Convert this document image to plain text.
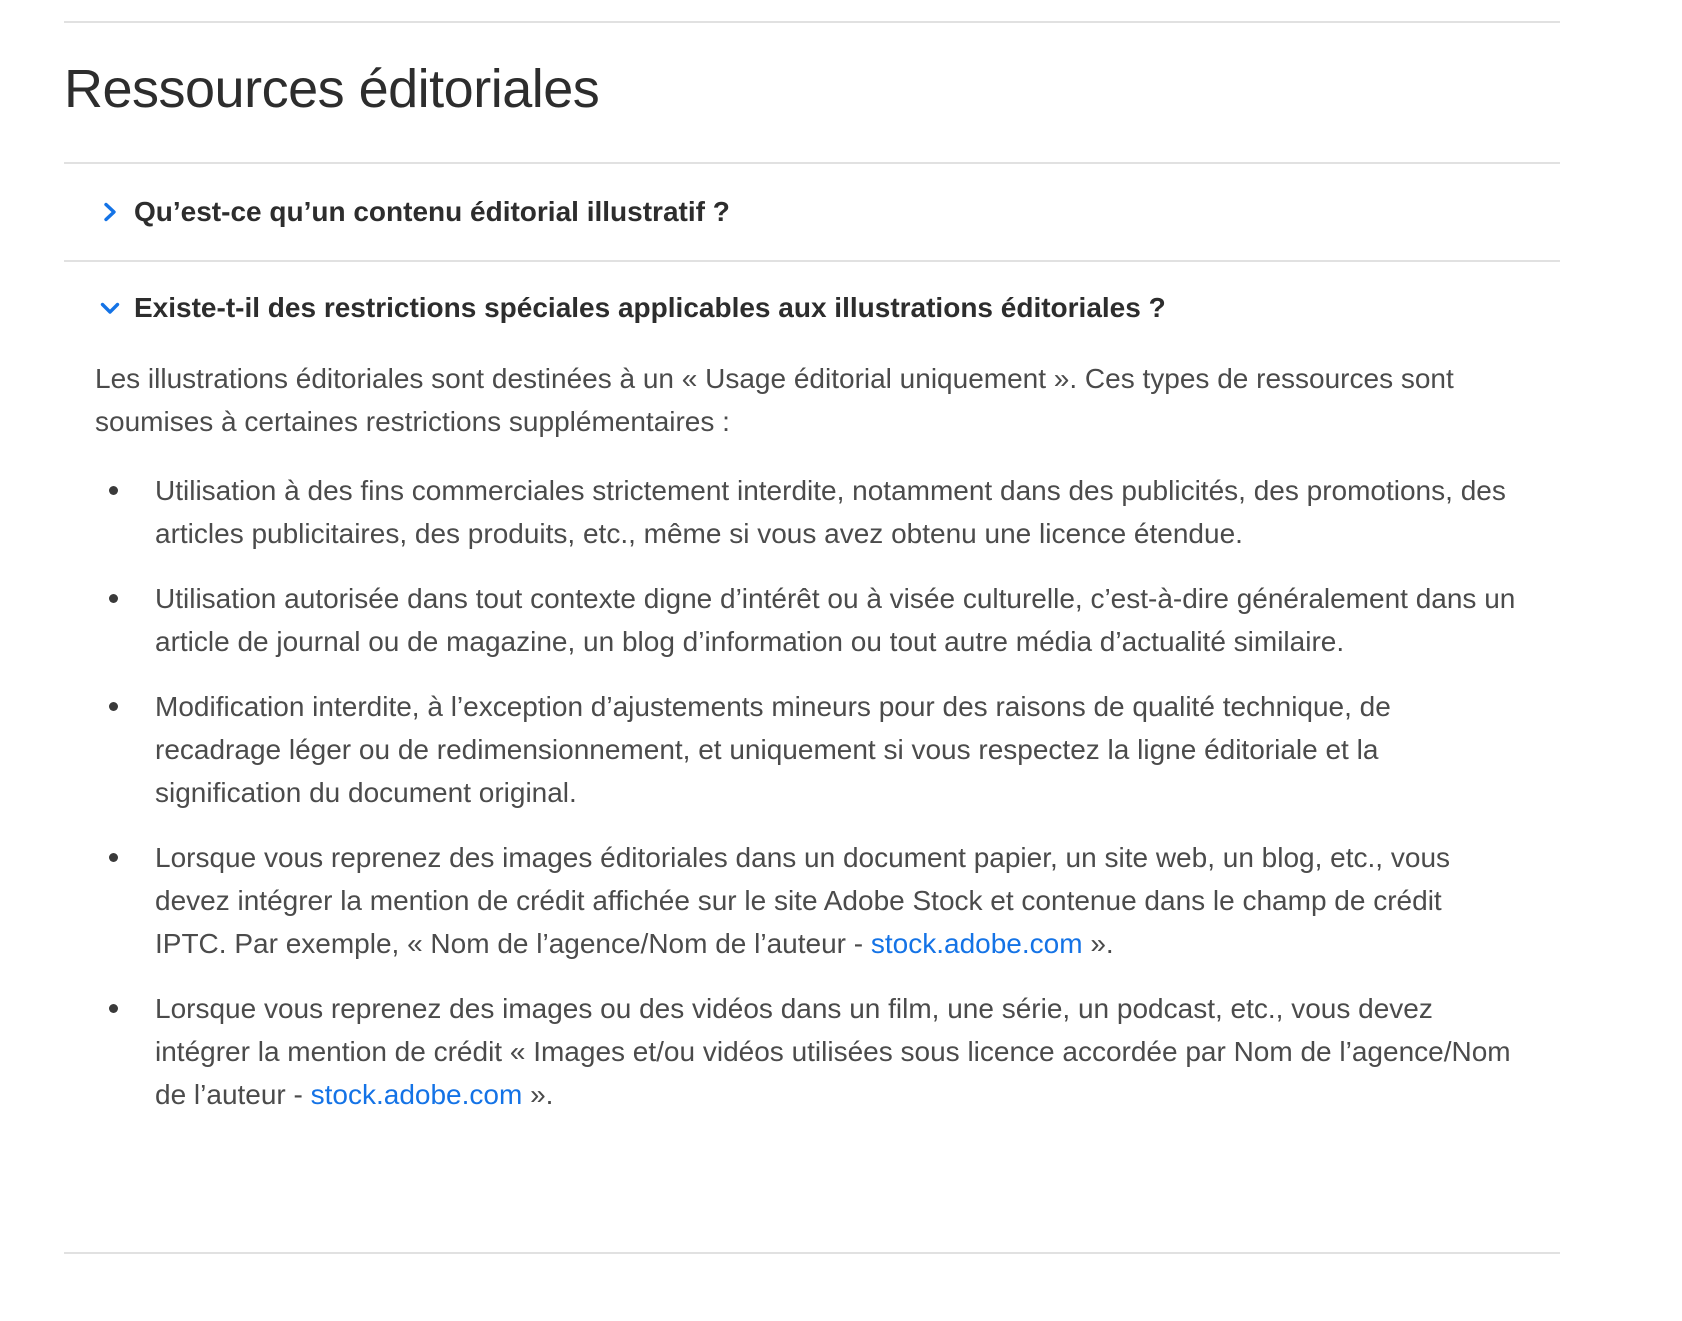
Ressources éditoriales
Qu’est-ce qu’un contenu éditorial illustratif ?
Existe-t-il des restrictions spéciales applicables aux illustrations éditoriales ?

Les illustrations éditoriales sont destinées à un « Usage éditorial uniquement ». Ces types de ressources sont soumises à certaines restrictions supplémentaires :

Utilisation à des fins commerciales strictement interdite, notamment dans des publicités, des promotions, des articles publicitaires, des produits, etc., même si vous avez obtenu une licence étendue.
Utilisation autorisée dans tout contexte digne d’intérêt ou à visée culturelle, c’est-à-dire généralement dans un article de journal ou de magazine, un blog d’information ou tout autre média d’actualité similaire.
Modification interdite, à l’exception d’ajustements mineurs pour des raisons de qualité technique, de recadrage léger ou de redimensionnement, et uniquement si vous respectez la ligne éditoriale et la signification du document original.
Lorsque vous reprenez des images éditoriales dans un document papier, un site web, un blog, etc., vous devez intégrer la mention de crédit affichée sur le site Adobe Stock et contenue dans le champ de crédit IPTC. Par exemple, « Nom de l’agence/Nom de l’auteur - stock.adobe.com ».
Lorsque vous reprenez des images ou des vidéos dans un film, une série, un podcast, etc., vous devez intégrer la mention de crédit « Images et/ou vidéos utilisées sous licence accordée par Nom de l’agence/Nom de l’auteur - stock.adobe.com ».
